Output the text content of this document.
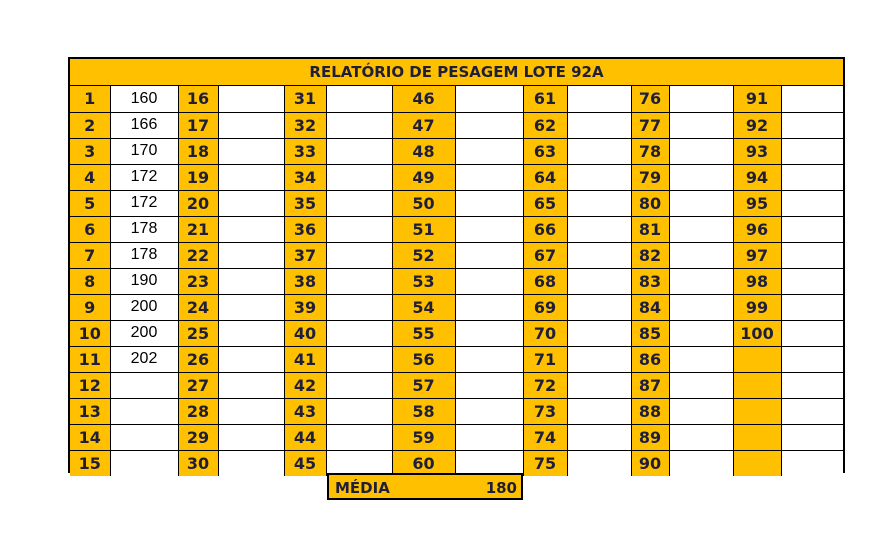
RELATÓRIO DE PESAGEM LOTE 92A
1	160	16		31		46		61		76		91	
2	166	17		32		47		62		77		92	
3	170	18		33		48		63		78		93	
4	172	19		34		49		64		79		94	
5	172	20		35		50		65		80		95	
6	178	21		36		51		66		81		96	
7	178	22		37		52		67		82		97	
8	190	23		38		53		68		83		98	
9	200	24		39		54		69		84		99	
10	200	25		40		55		70		85		100	
11	202	26		41		56		71		86			
12		27		42		57		72		87			
13		28		43		58		73		88			
14		29		44		59		74		89			
15		30		45		60		75		90			
MÉDIA	180
